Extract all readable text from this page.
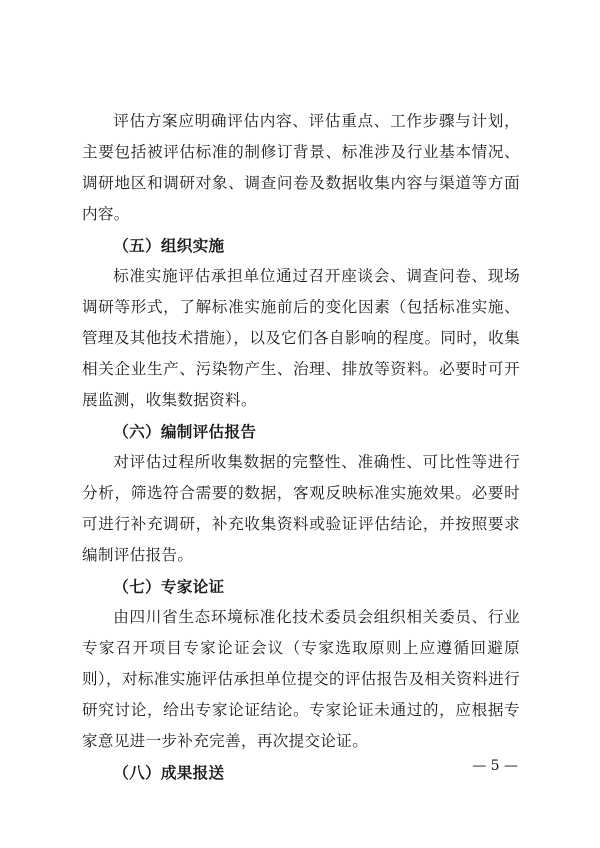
评估方案应明确评估内容、评估重点、工作步骤与计划，主要包括被评估标准的制修订背景、标准涉及行业基本情况、调研地区和调研对象、调查问卷及数据收集内容与渠道等方面内容。

（五）组织实施

标准实施评估承担单位通过召开座谈会、调查问卷、现场调研等形式，了解标准实施前后的变化因素（包括标准实施、管理及其他技术措施），以及它们各自影响的程度。同时，收集相关企业生产、污染物产生、治理、排放等资料。必要时可开展监测，收集数据资料。

（六）编制评估报告

对评估过程所收集数据的完整性、准确性、可比性等进行分析，筛选符合需要的数据，客观反映标准实施效果。必要时可进行补充调研，补充收集资料或验证评估结论，并按照要求编制评估报告。

（七）专家论证

由四川省生态环境标准化技术委员会组织相关委员、行业专家召开项目专家论证会议（专家选取原则上应遵循回避原则），对标准实施评估承担单位提交的评估报告及相关资料进行研究讨论，给出专家论证结论。专家论证未通过的，应根据专家意见进一步补充完善，再次提交论证。

（八）成果报送	— 5 —
